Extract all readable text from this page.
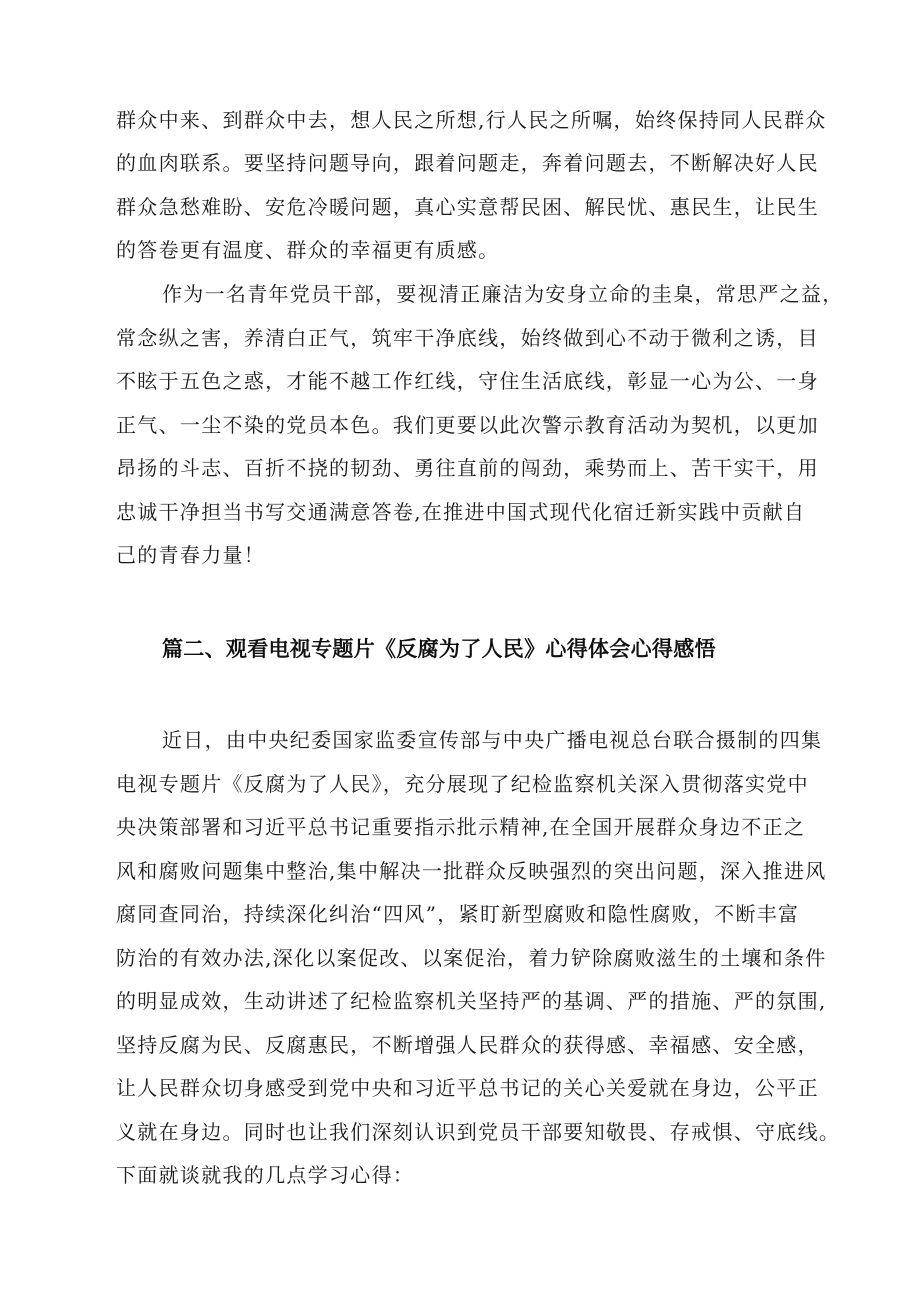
群众中来、到群众中去，想人民之所想,行人民之所嘱，始终保持同人民群众
的血肉联系。要坚持问题导向，跟着问题走，奔着问题去，不断解决好人民
群众急愁难盼、安危冷暖问题，真心实意帮民困、解民忧、惠民生，让民生
的答卷更有温度、群众的幸福更有质感。
作为一名青年党员干部，要视清正廉洁为安身立命的圭臬，常思严之益，
常念纵之害，养清白正气，筑牢干净底线，始终做到心不动于微利之诱，目
不眩于五色之惑，才能不越工作红线，守住生活底线，彰显一心为公、一身
正气、一尘不染的党员本色。我们更要以此次警示教育活动为契机，以更加
昂扬的斗志、百折不挠的韧劲、勇往直前的闯劲，乘势而上、苦干实干，用
忠诚干净担当书写交通满意答卷,在推进中国式现代化宿迁新实践中贡献自
己的青春力量！
篇二、观看电视专题片《反腐为了人民》心得体会心得感悟
近日，由中央纪委国家监委宣传部与中央广播电视总台联合摄制的四集
电视专题片《反腐为了人民》，充分展现了纪检监察机关深入贯彻落实党中
央决策部署和习近平总书记重要指示批示精神,在全国开展群众身边不正之
风和腐败问题集中整治,集中解决一批群众反映强烈的突出问题，深入推进风
腐同查同治，持续深化纠治“四风”，紧盯新型腐败和隐性腐败，不断丰富
防治的有效办法,深化以案促改、以案促治，着力铲除腐败滋生的土壤和条件
的明显成效，生动讲述了纪检监察机关坚持严的基调、严的措施、严的氛围,
坚持反腐为民、反腐惠民，不断增强人民群众的获得感、幸福感、安全感，
让人民群众切身感受到党中央和习近平总书记的关心关爱就在身边，公平正
义就在身边。同时也让我们深刻认识到党员干部要知敬畏、存戒惧、守底线。
下面就谈就我的几点学习心得：
